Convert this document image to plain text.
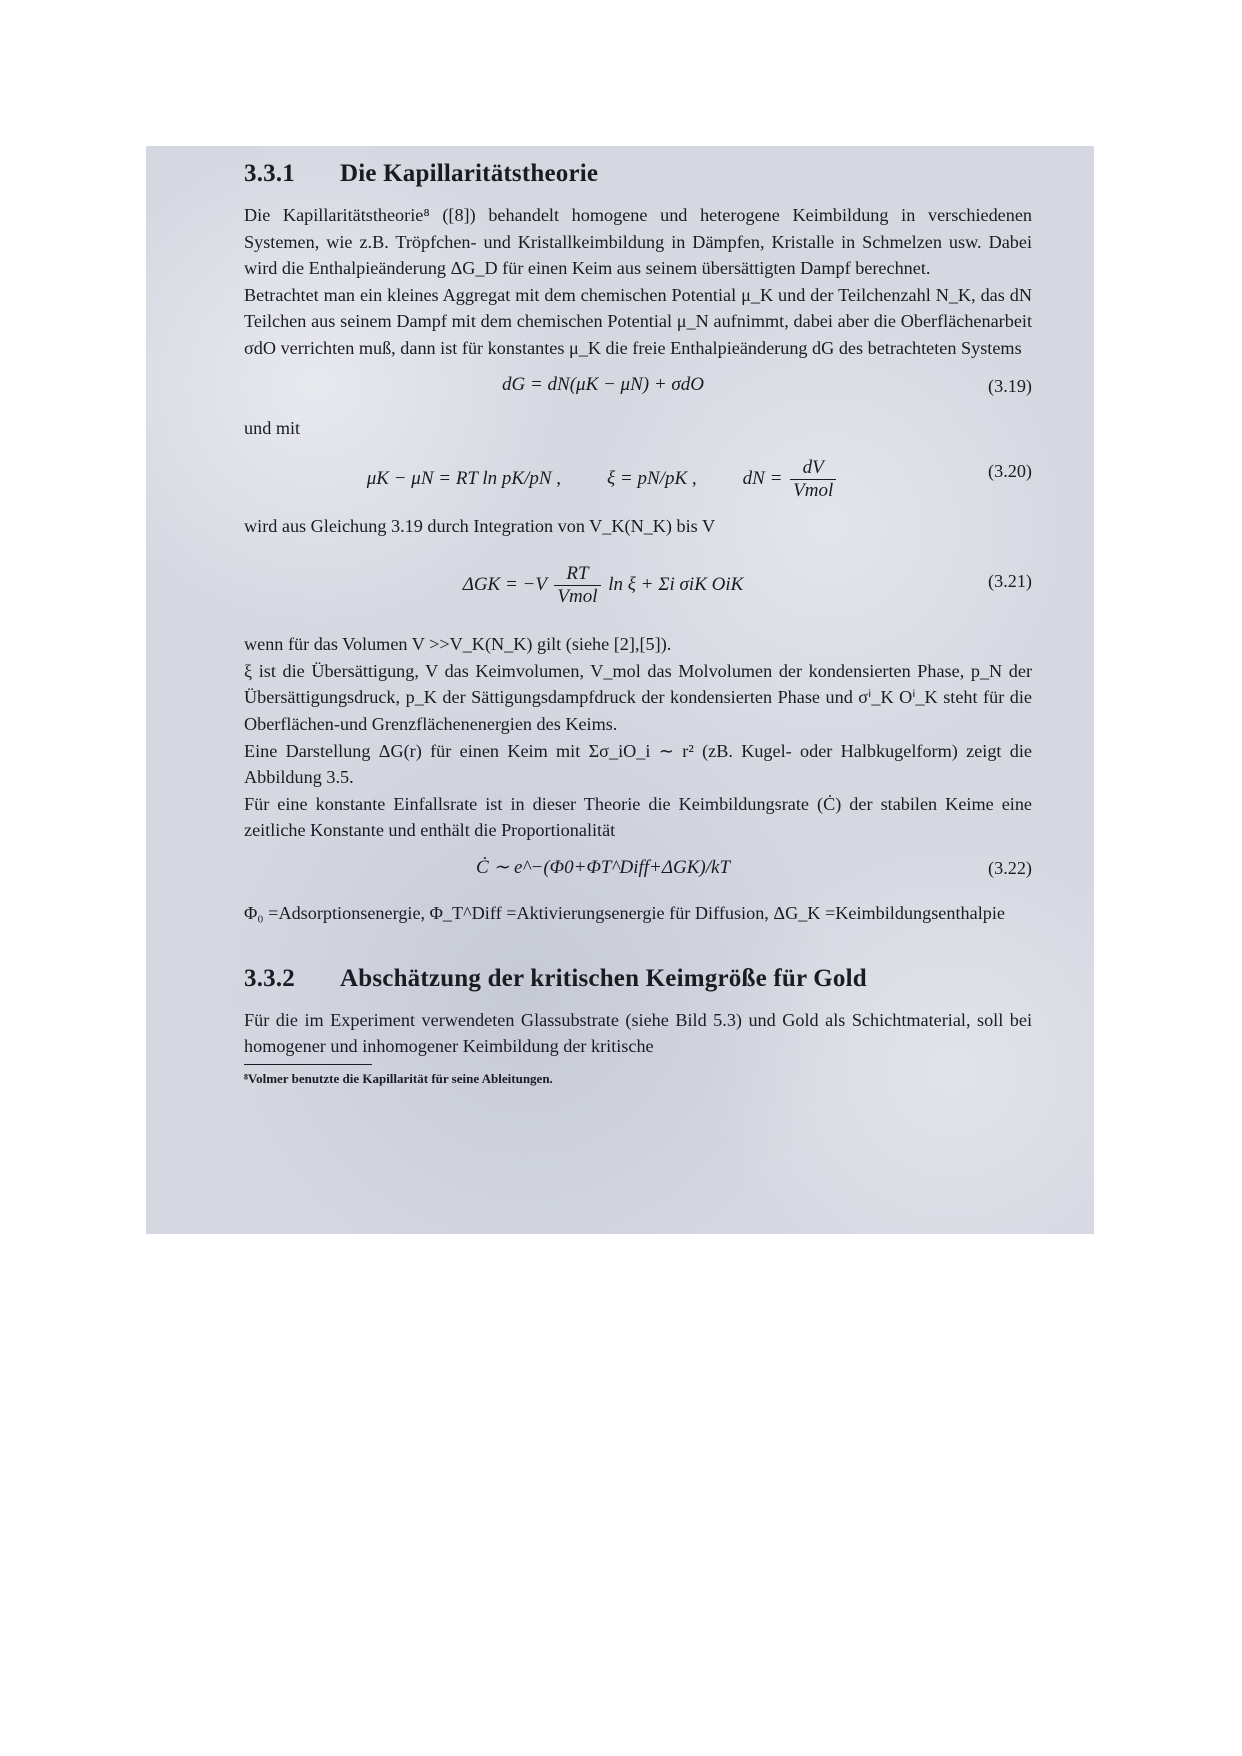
3.3.1 Die Kapillaritätstheorie

Die Kapillaritätstheorie⁸ ([8]) behandelt homogene und heterogene Keimbildung in verschiedenen Systemen, wie z.B. Tröpfchen- und Kristallkeimbildung in Dämpfen, Kristalle in Schmelzen usw. Dabei wird die Enthalpieänderung ΔG_D für einen Keim aus seinem übersättigten Dampf berechnet.

Betrachtet man ein kleines Aggregat mit dem chemischen Potential μ_K und der Teilchenzahl N_K, das dN Teilchen aus seinem Dampf mit dem chemischen Potential μ_N aufnimmt, dabei aber die Oberflächenarbeit σdO verrichten muß, dann ist für konstantes μ_K die freie Enthalpieänderung dG des betrachteten Systems

dG = dN(μK − μN) + σdO	(3.19)
und mit
μK − μN = RT ln pK/pN , ξ = pN/pK , dN = $\frac{dV}{\text{Vmol}}$	(3.20)

wird aus Gleichung 3.19 durch Integration von V_K(N_K) bis V

$\Delta GK = -V \frac{RT}{\text{Vmol}}$ ln ξ + Σi σiK OiK	(3.21)

wenn für das Volumen V >>V_K(N_K) gilt (siehe [2],[5]).

ξ ist die Übersättigung, V das Keimvolumen, V_mol das Molvolumen der kondensierten Phase, p_N der Übersättigungsdruck, p_K der Sättigungsdampfdruck der kondensierten Phase und σⁱ_K Oⁱ_K steht für die Oberflächen-und Grenzflächenenergien des Keims.

Eine Darstellung ΔG(r) für einen Keim mit Σσ_iO_i ∼ r² (zB. Kugel- oder Halbkugelform) zeigt die Abbildung 3.5.

Für eine konstante Einfallsrate ist in dieser Theorie die Keimbildungsrate (Ċ) der stabilen Keime eine zeitliche Konstante und enthält die Proportionalität

Ċ ∼ e^−(Φ0+ΦT^Diff+ΔGK)/kT	(3.22)

Φ₀ =Adsorptionsenergie, Φ_T^Diff =Aktivierungsenergie für Diffusion, ΔG_K =Keimbildungsenthalpie

3.3.2 Abschätzung der kritischen Keimgröße für Gold

Für die im Experiment verwendeten Glassubstrate (siehe Bild 5.3) und Gold als Schichtmaterial, soll bei homogener und inhomogener Keimbildung der kritische

⁸Volmer benutzte die Kapillarität für seine Ableitungen.
